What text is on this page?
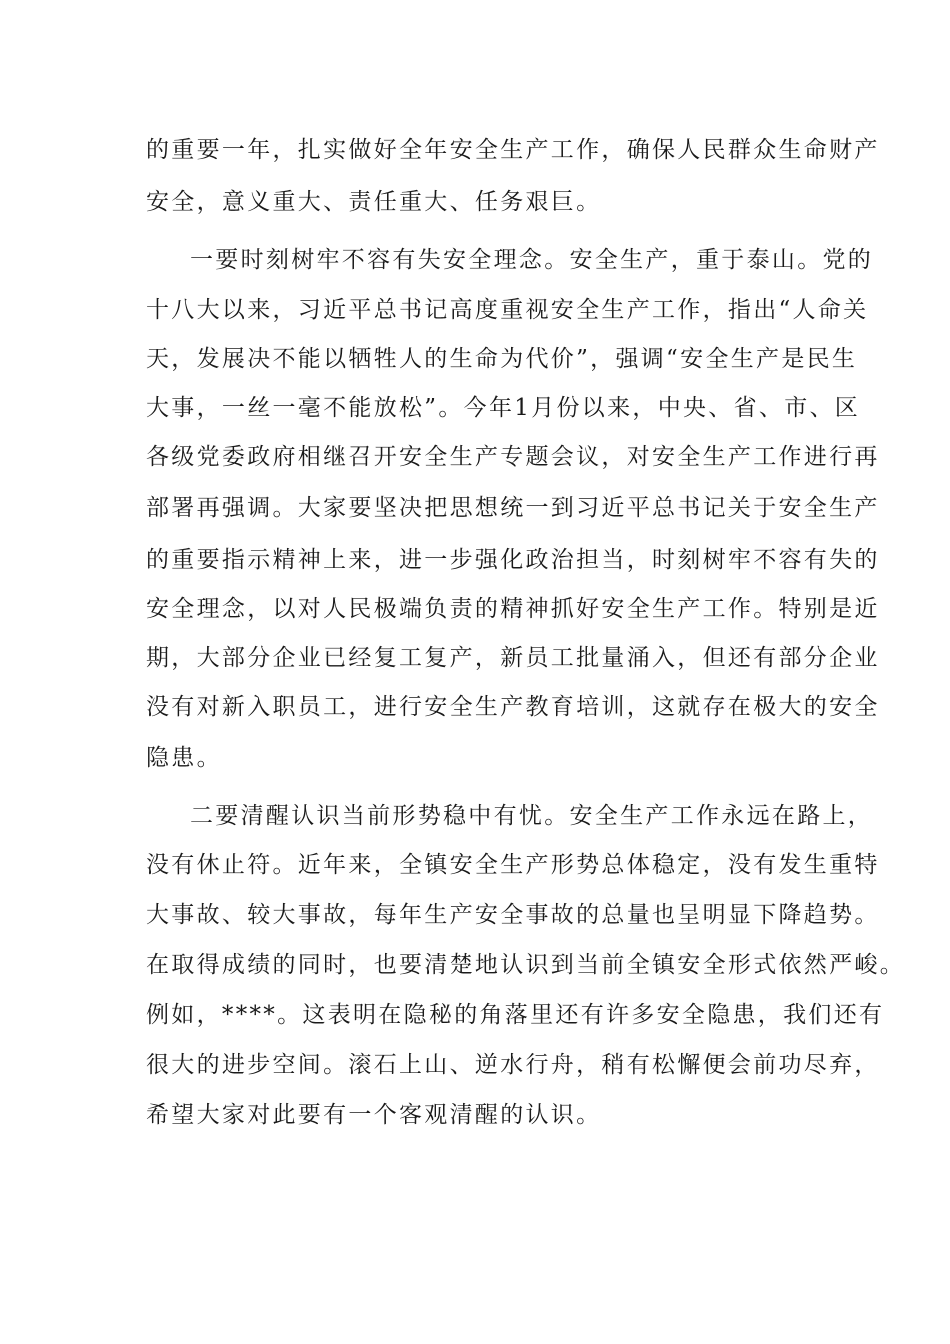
的重要一年，扎实做好全年安全生产工作，确保人民群众生命财产
安全，意义重大、责任重大、任务艰巨。
一要时刻树牢不容有失安全理念。安全生产，重于泰山。党的
十八大以来，习近平总书记高度重视安全生产工作，指出“人命关
天，发展决不能以牺牲人的生命为代价”，强调“安全生产是民生
大事，一丝一毫不能放松”。今年1月份以来，中央、省、市、区
各级党委政府相继召开安全生产专题会议，对安全生产工作进行再
部署再强调。大家要坚决把思想统一到习近平总书记关于安全生产
的重要指示精神上来，进一步强化政治担当，时刻树牢不容有失的
安全理念，以对人民极端负责的精神抓好安全生产工作。特别是近
期，大部分企业已经复工复产，新员工批量涌入，但还有部分企业
没有对新入职员工，进行安全生产教育培训，这就存在极大的安全
隐患。
二要清醒认识当前形势稳中有忧。安全生产工作永远在路上，
没有休止符。近年来，全镇安全生产形势总体稳定，没有发生重特
大事故、较大事故，每年生产安全事故的总量也呈明显下降趋势。
在取得成绩的同时，也要清楚地认识到当前全镇安全形式依然严峻。
例如，****。这表明在隐秘的角落里还有许多安全隐患，我们还有
很大的进步空间。滚石上山、逆水行舟，稍有松懈便会前功尽弃，
希望大家对此要有一个客观清醒的认识。
